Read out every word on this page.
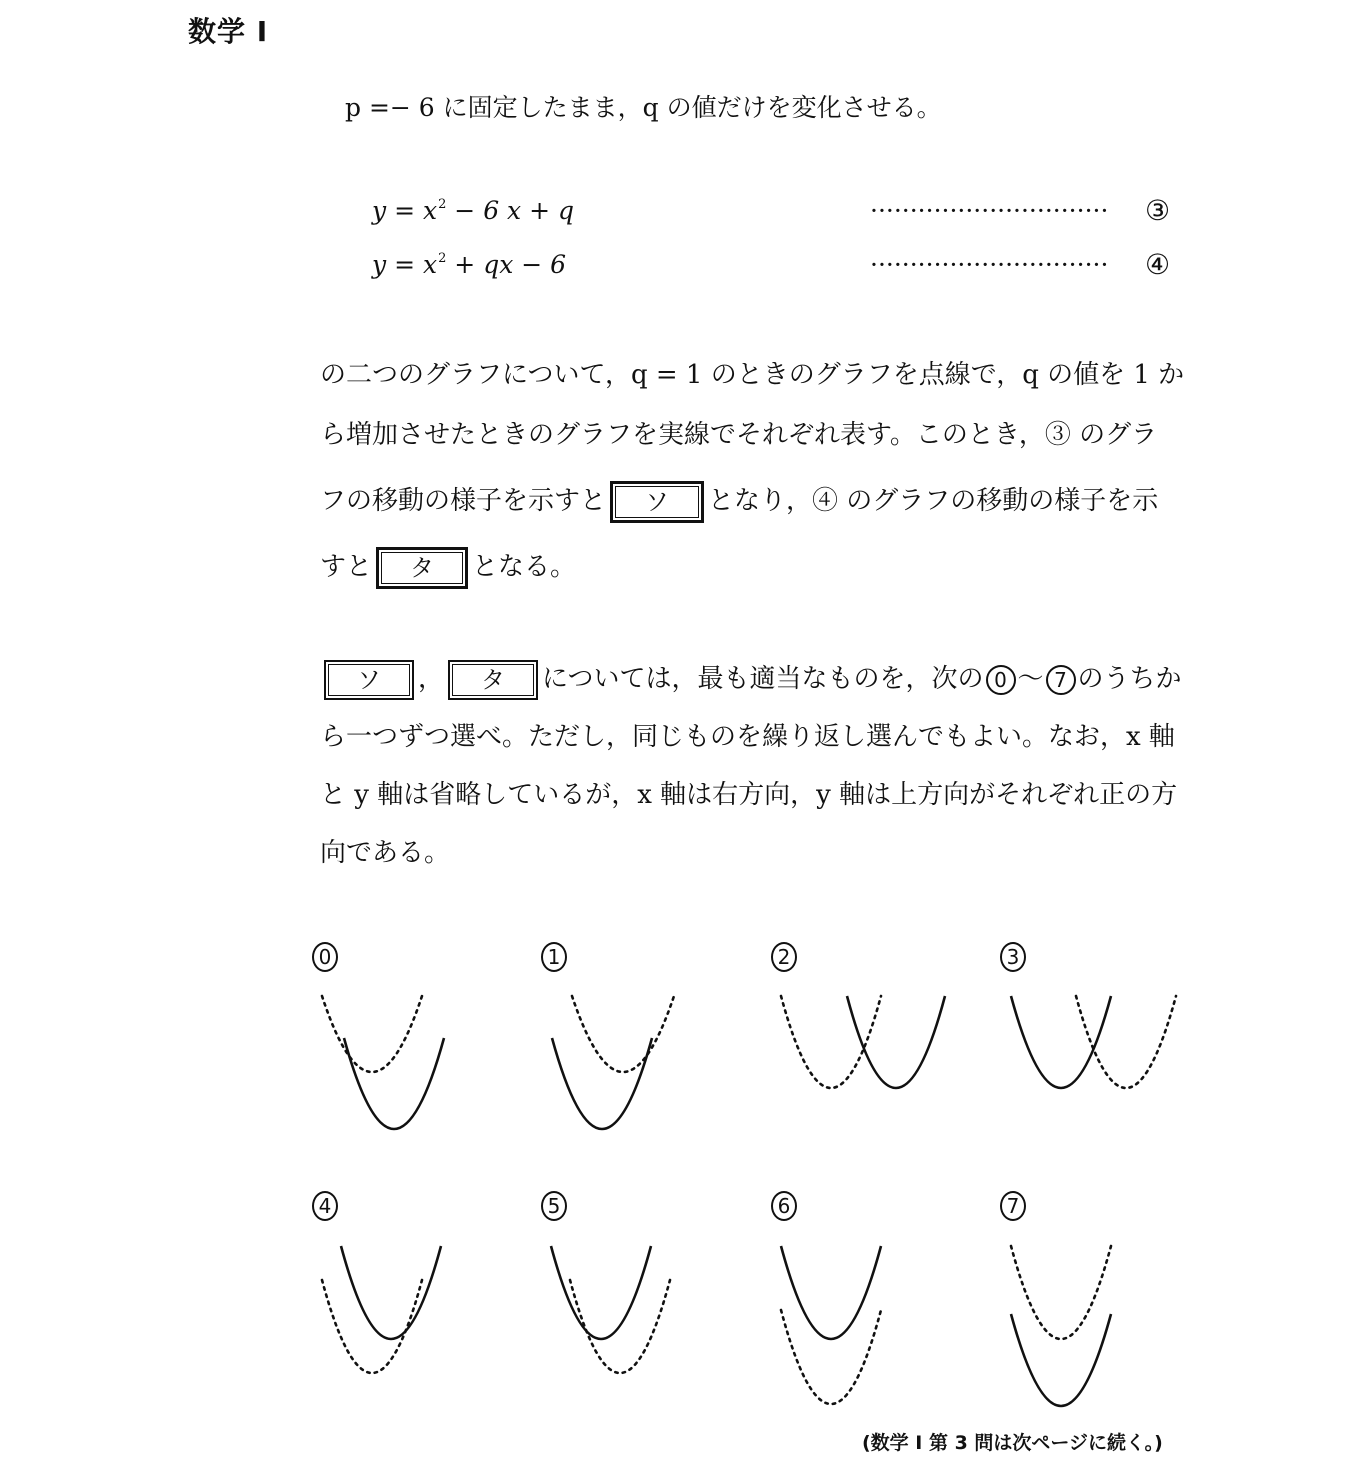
数学 I
p =− 6 に固定したまま，q の値だけを変化させる。
$y = x^2 - 6$ x + q	······························ ③
$y = x^2$ + qx − 6	······························ ④
の二つのグラフについて，q = 1 のときのグラフを点線で，q の値を 1 か
ら増加させたときのグラフを実線でそれぞれ表す。このとき，③ のグラ
フの移動の様子を示すと	ソ	となり，④ のグラフの移動の様子を示
すと	タ	となる。
ソ	，	タ	については，最も適当なものを，次の 0 ～ 7 のうちか
ら一つずつ選べ。ただし，同じものを繰り返し選んでもよい。なお，x 軸
と y 軸は省略しているが，x 軸は右方向，y 軸は上方向がそれぞれ正の方
向である。
0	1	2	3
4	5	6	7
(数学 I 第 3 問は次ページに続く。)
